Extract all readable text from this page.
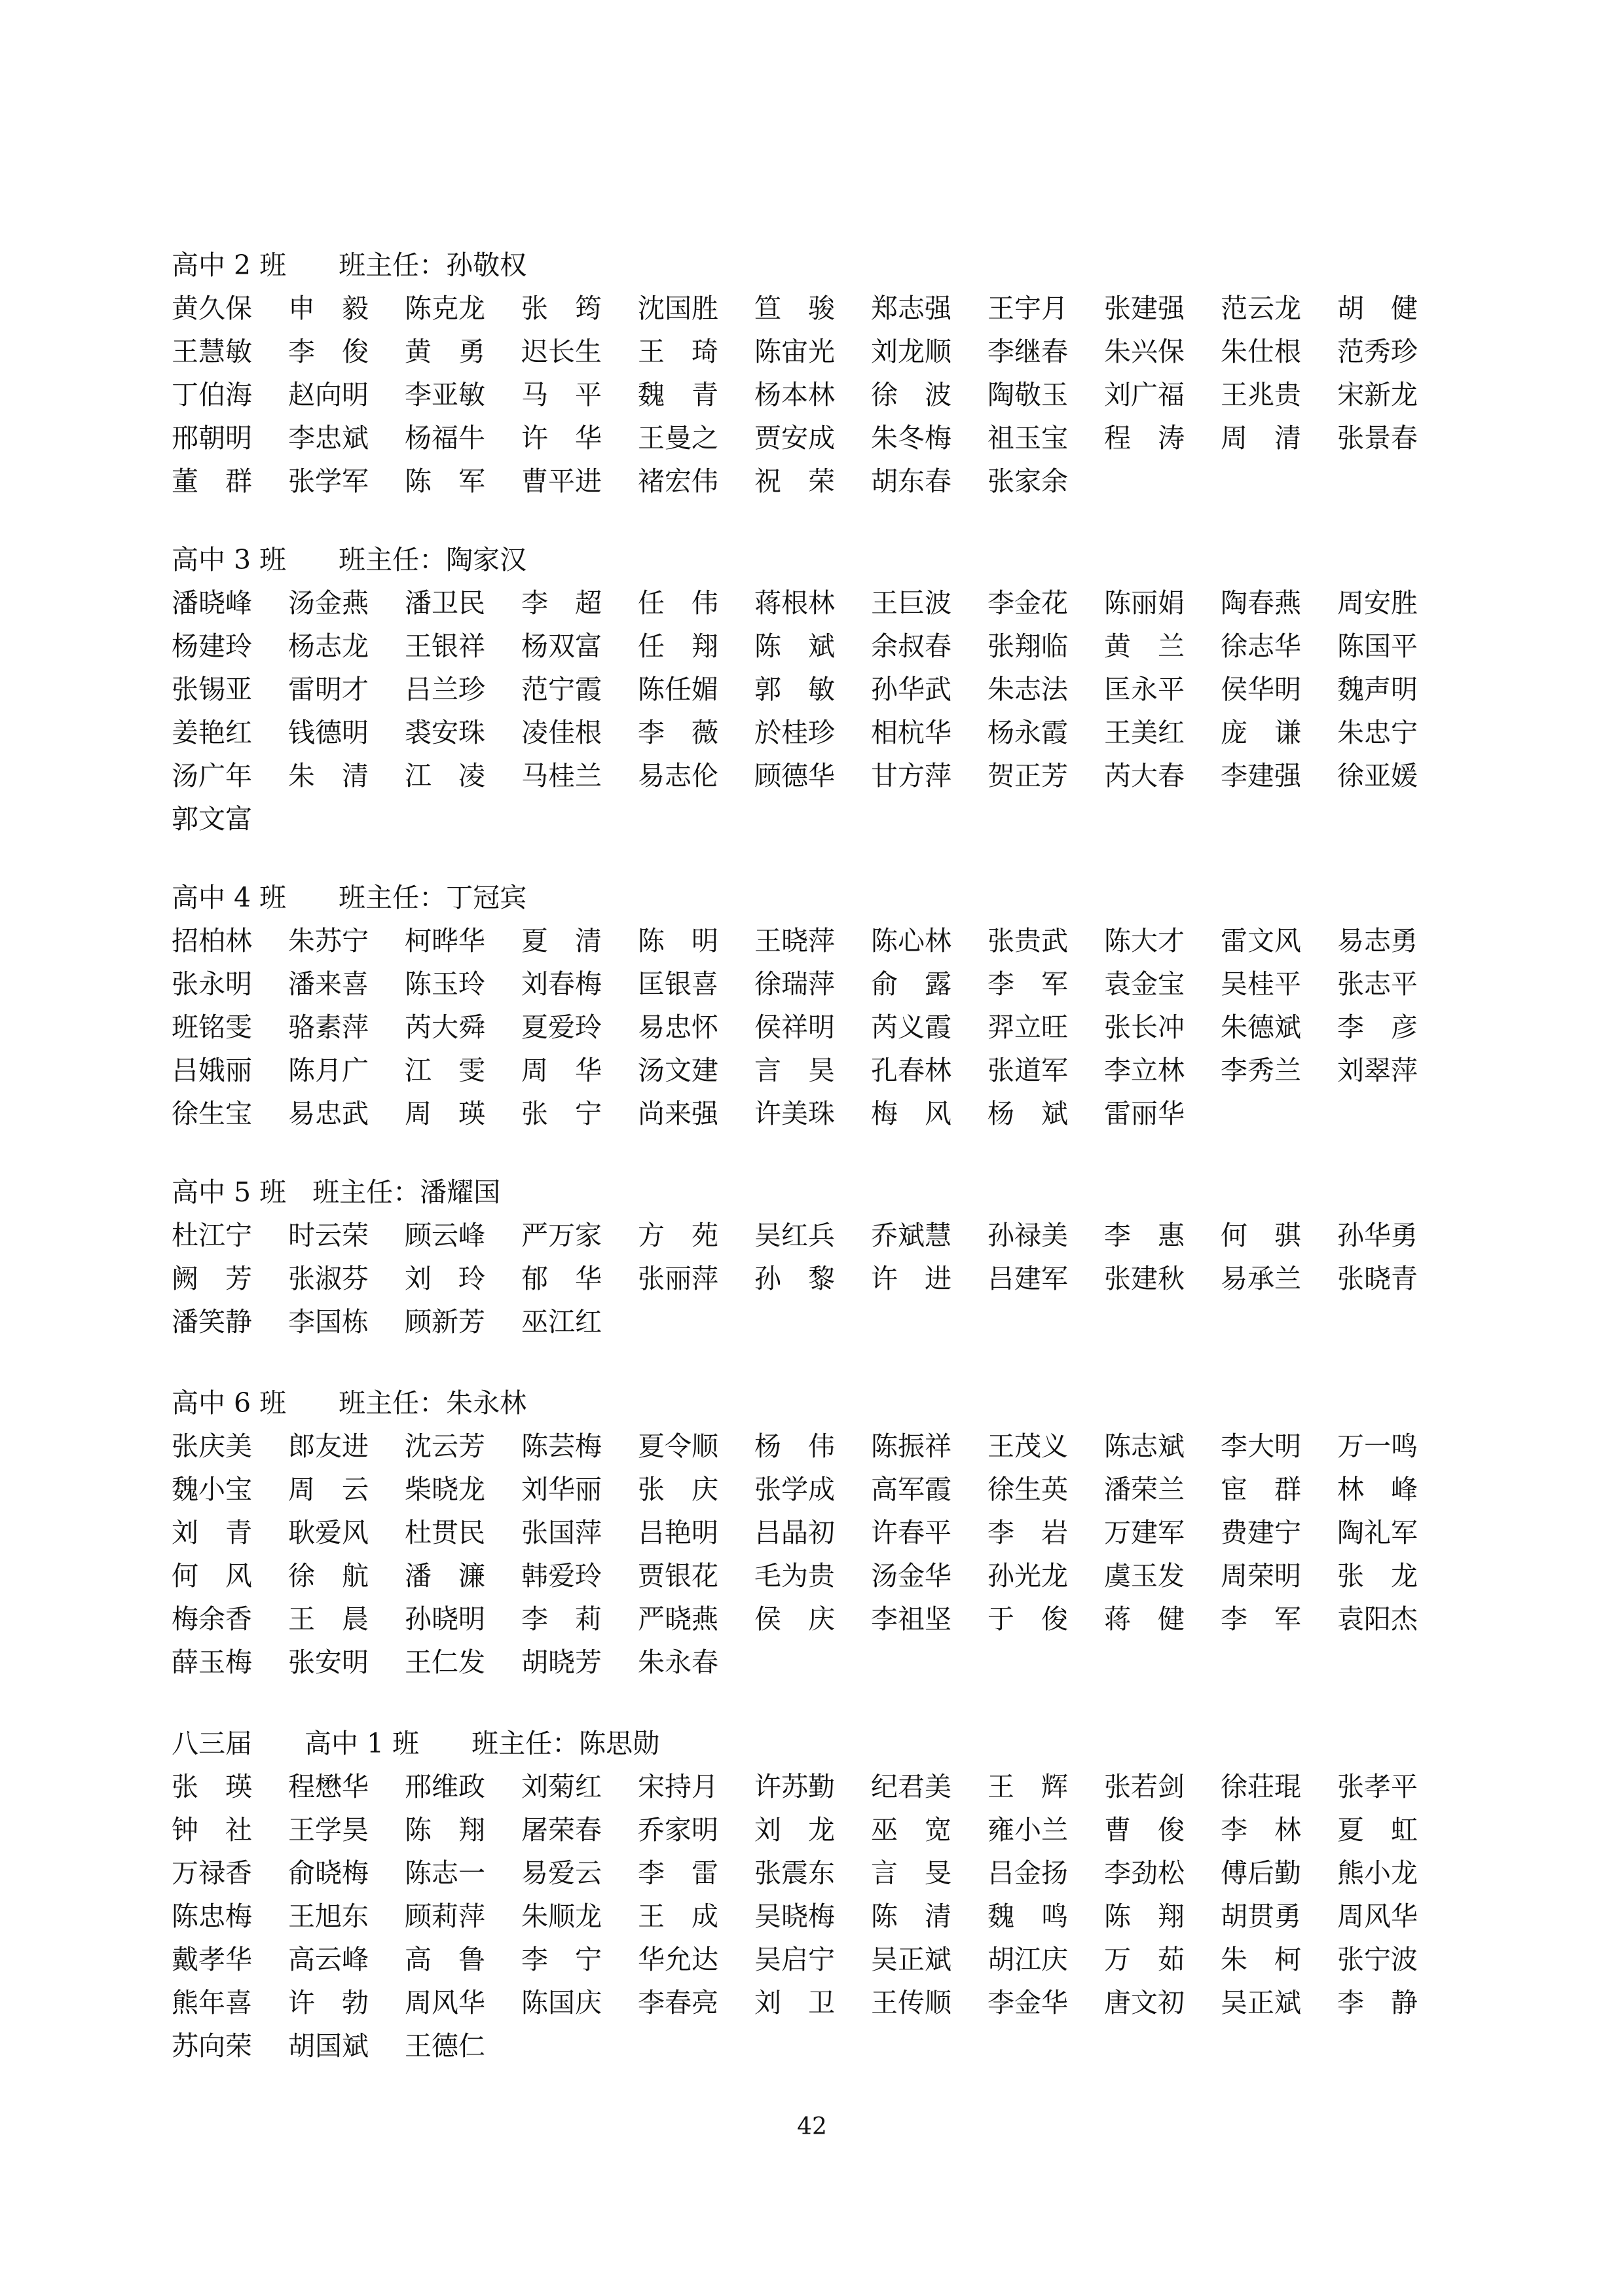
高中 2 班 班主任：孙敬权
黄久保	申 毅	陈克龙	张 筠	沈国胜	笪 骏	郑志强	王宇月	张建强	范云龙	胡 健
王慧敏	李 俊	黄 勇	迟长生	王 琦	陈宙光	刘龙顺	李继春	朱兴保	朱仕根	范秀珍
丁伯海	赵向明	李亚敏	马 平	魏 青	杨本林	徐 波	陶敬玉	刘广福	王兆贵	宋新龙
邢朝明	李忠斌	杨福牛	许 华	王曼之	贾安成	朱冬梅	祖玉宝	程 涛	周 清	张景春
董 群	张学军	陈 军	曹平进	褚宏伟	祝 荣	胡东春	张家余
高中 3 班 班主任：陶家汉
潘晓峰	汤金燕	潘卫民	李 超	任 伟	蒋根林	王巨波	李金花	陈丽娟	陶春燕	周安胜
杨建玲	杨志龙	王银祥	杨双富	任 翔	陈 斌	余叔春	张翔临	黄 兰	徐志华	陈国平
张锡亚	雷明才	吕兰珍	范宁霞	陈任媚	郭 敏	孙华武	朱志法	匡永平	侯华明	魏声明
姜艳红	钱德明	裘安珠	凌佳根	李 薇	於桂珍	相杭华	杨永霞	王美红	庞 谦	朱忠宁
汤广年	朱 清	江 凌	马桂兰	易志伦	顾德华	甘方萍	贺正芳	芮大春	李建强	徐亚媛
郭文富
高中 4 班 班主任：丁冠宾
招柏林	朱苏宁	柯晔华	夏 清	陈 明	王晓萍	陈心林	张贵武	陈大才	雷文风	易志勇
张永明	潘来喜	陈玉玲	刘春梅	匡银喜	徐瑞萍	俞 露	李 军	袁金宝	吴桂平	张志平
班铭雯	骆素萍	芮大舜	夏爱玲	易忠怀	侯祥明	芮义霞	羿立旺	张长冲	朱德斌	李 彦
吕娥丽	陈月广	江 雯	周 华	汤文建	言 昊	孔春林	张道军	李立林	李秀兰	刘翠萍
徐生宝	易忠武	周 瑛	张 宁	尚来强	许美珠	梅 风	杨 斌	雷丽华
高中 5 班 班主任：潘耀国
杜江宁	时云荣	顾云峰	严万家	方 苑	吴红兵	乔斌慧	孙禄美	李 惠	何 骐	孙华勇
阙 芳	张淑芬	刘 玲	郁 华	张丽萍	孙 黎	许 进	吕建军	张建秋	易承兰	张晓青
潘笑静	李国栋	顾新芳	巫江红
高中 6 班 班主任：朱永林
张庆美	郎友进	沈云芳	陈芸梅	夏令顺	杨 伟	陈振祥	王茂义	陈志斌	李大明	万一鸣
魏小宝	周 云	柴晓龙	刘华丽	张 庆	张学成	高军霞	徐生英	潘荣兰	宦 群	林 峰
刘 青	耿爱风	杜贯民	张国萍	吕艳明	吕晶初	许春平	李 岩	万建军	费建宁	陶礼军
何 风	徐 航	潘 濂	韩爱玲	贾银花	毛为贵	汤金华	孙光龙	虞玉发	周荣明	张 龙
梅余香	王 晨	孙晓明	李 莉	严晓燕	侯 庆	李祖坚	于 俊	蒋 健	李 军	袁阳杰
薛玉梅	张安明	王仁发	胡晓芳	朱永春
八三届 高中 1 班 班主任：陈思勋
张 瑛	程懋华	邢维政	刘菊红	宋持月	许苏勤	纪君美	王 辉	张若剑	徐荘琨	张孝平
钟 社	王学昊	陈 翔	屠荣春	乔家明	刘 龙	巫 宽	雍小兰	曹 俊	李 林	夏 虹
万禄香	俞晓梅	陈志一	易爱云	李 雷	张震东	言 旻	吕金扬	李劲松	傅后勤	熊小龙
陈忠梅	王旭东	顾莉萍	朱顺龙	王 成	吴晓梅	陈 清	魏 鸣	陈 翔	胡贯勇	周风华
戴孝华	高云峰	高 鲁	李 宁	华允达	吴启宁	吴正斌	胡江庆	万 茹	朱 柯	张宁波
熊年喜	许 勃	周风华	陈国庆	李春亮	刘 卫	王传顺	李金华	唐文初	吴正斌	李 静
苏向荣	胡国斌	王德仁
42
